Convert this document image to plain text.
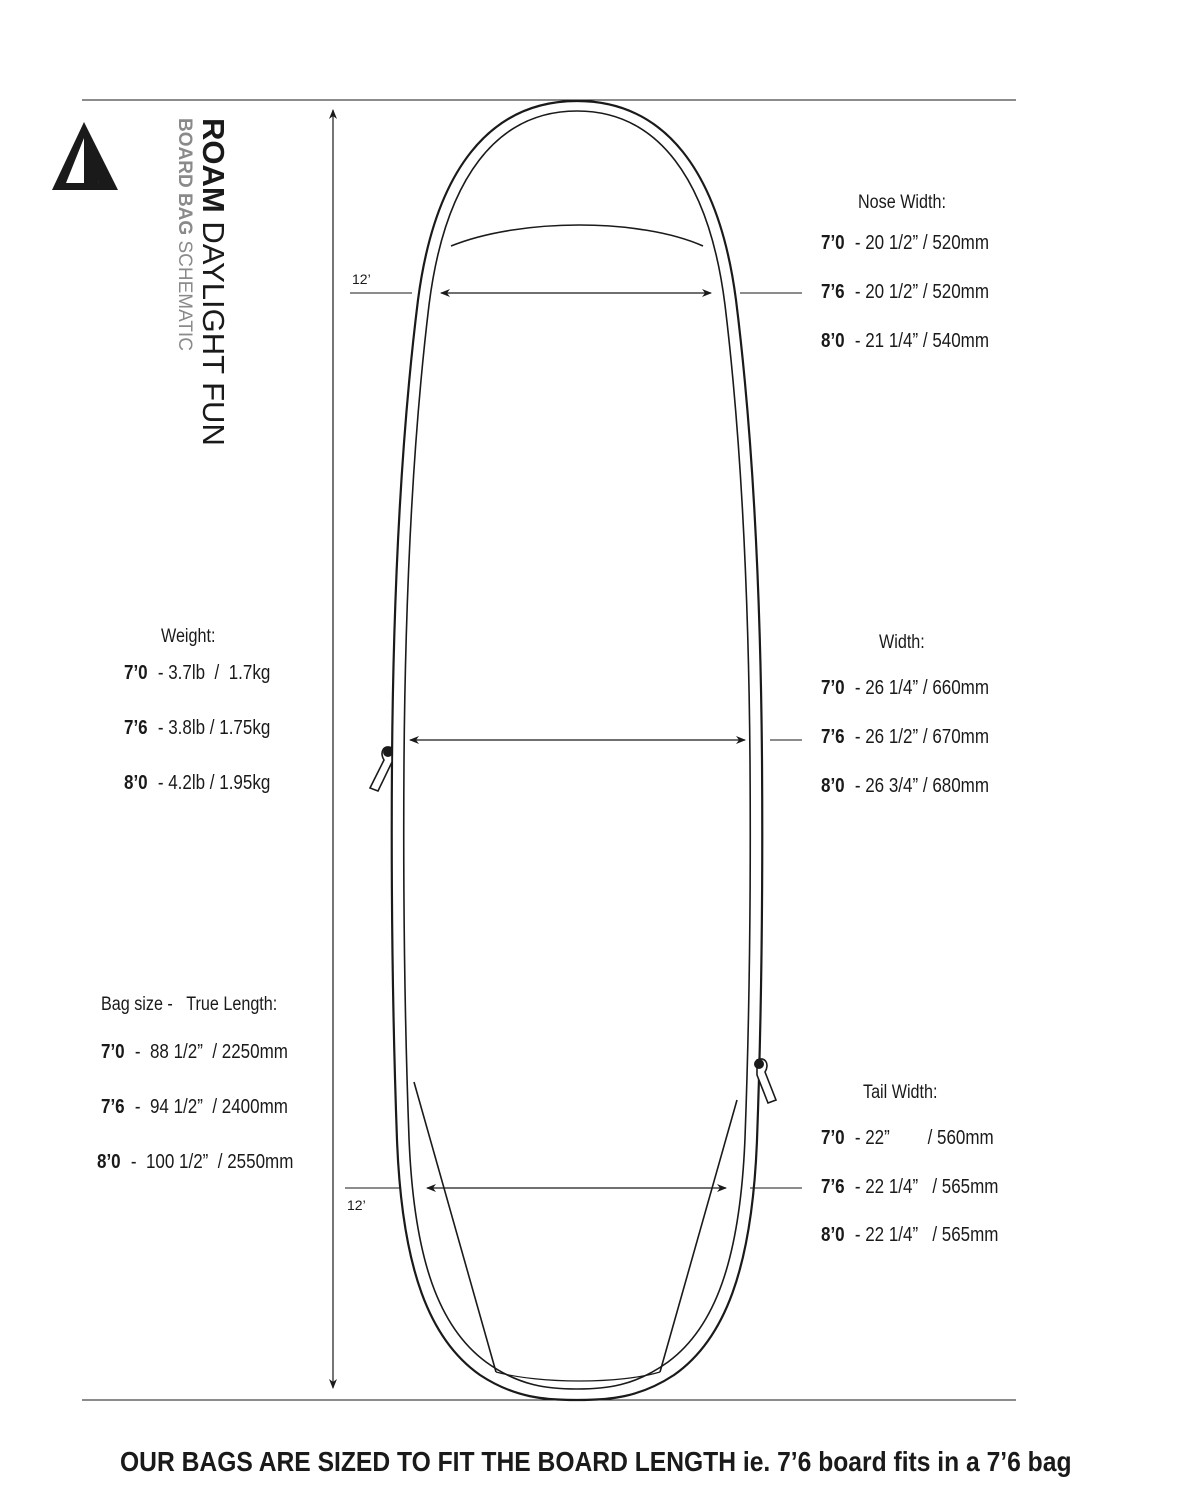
ROAM DAYLIGHT FUN
BOARD BAG SCHEMATIC	12’
12’
Nose Width:
7’0 - 20 1/2” / 520mm
7’6 - 20 1/2” / 520mm
8’0 - 21 1/4” / 540mm
Width:
7’0 - 26 1/4” / 660mm
7’6 - 26 1/2” / 670mm
8’0 - 26 3/4” / 680mm
Tail Width:
7’0 - 22”        / 560mm
7’6 - 22 1/4”   / 565mm
8’0 - 22 1/4”   / 565mm
Weight:
7’0 - 3.7lb  /  1.7kg
7’6 - 3.8lb / 1.75kg
8’0 - 4.2lb / 1.95kg
Bag size - True Length:
7’0 -  88 1/2”  / 2250mm
7’6 -  94 1/2”  / 2400mm
8’0 -  100 1/2”  / 2550mm
OUR BAGS ARE SIZED TO FIT THE BOARD LENGTH ie. 7’6 board fits in a 7’6 bag
